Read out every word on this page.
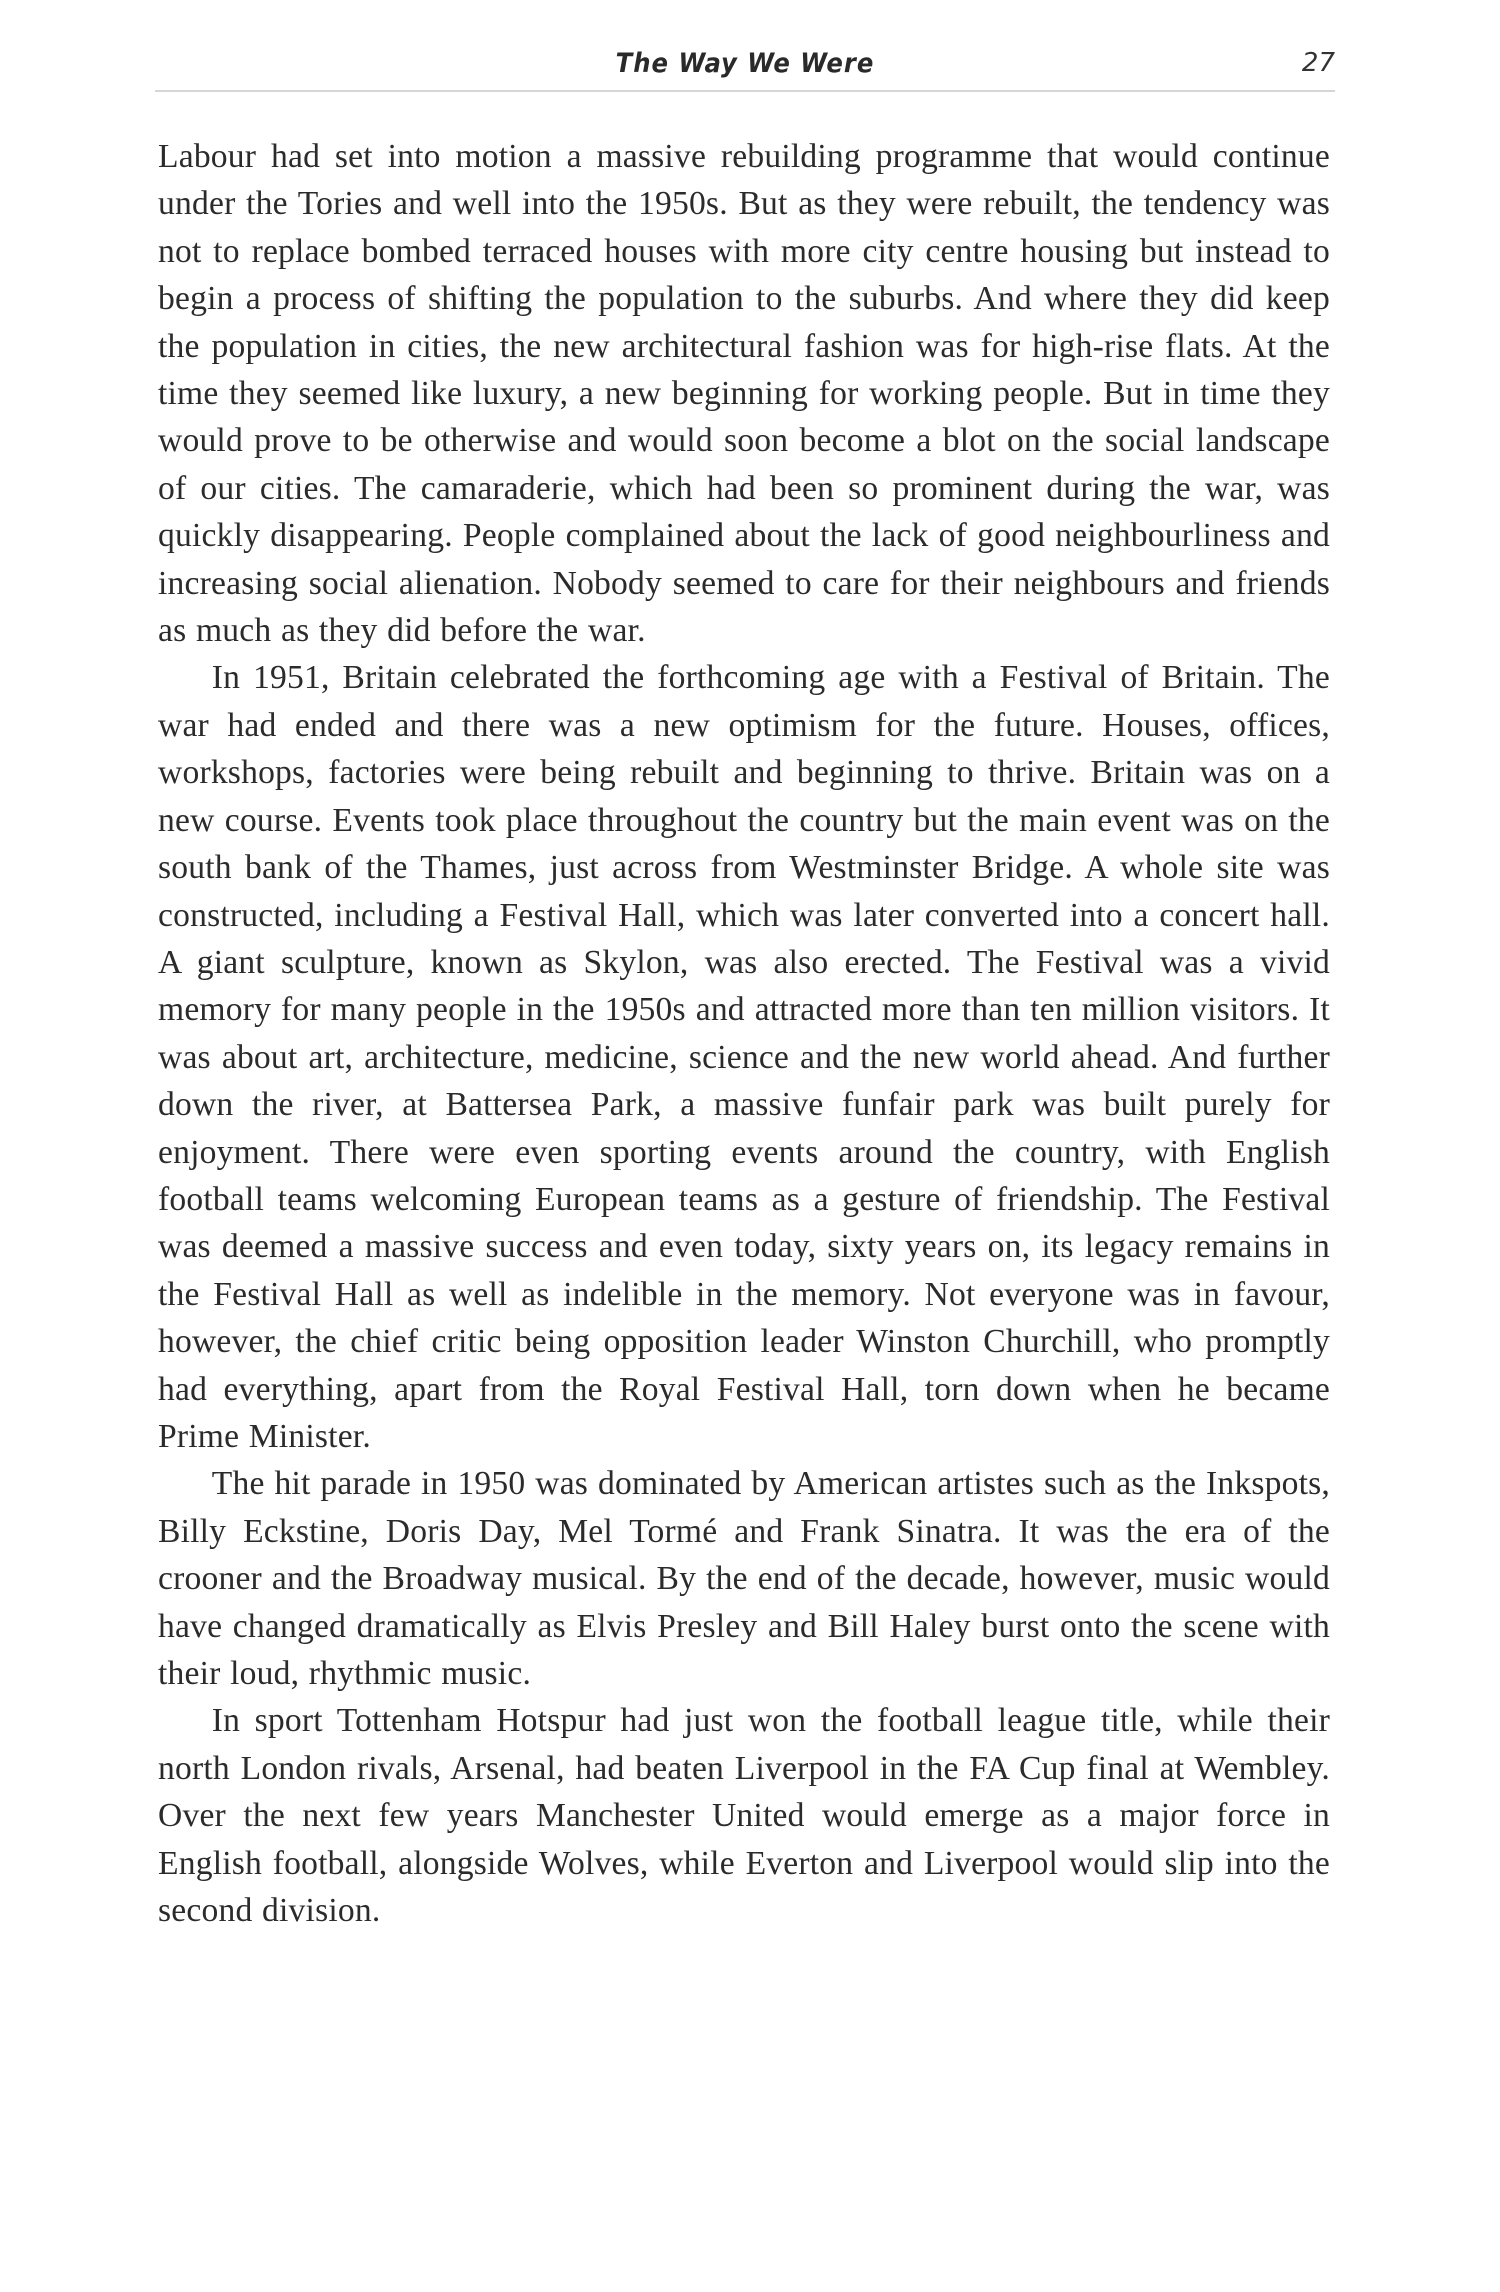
The Way We Were	27

Labour had set into motion a massive rebuilding programme that would continue under the Tories and well into the 1950s. But as they were rebuilt, the tendency was not to replace bombed terraced houses with more city centre housing but instead to begin a process of shifting the population to the suburbs. And where they did keep the population in cities, the new architectural fashion was for high-rise flats. At the time they seemed like luxury, a new beginning for working people. But in time they would prove to be otherwise and would soon become a blot on the social landscape of our cities. The camaraderie, which had been so prominent during the war, was quickly disappearing. People complained about the lack of good neighbourliness and increasing social alienation. Nobody seemed to care for their neighbours and friends as much as they did before the war.

In 1951, Britain celebrated the forthcoming age with a Festival of Britain. The war had ended and there was a new optimism for the future. Houses, offices, workshops, factories were being rebuilt and beginning to thrive. Britain was on a new course. Events took place throughout the country but the main event was on the south bank of the Thames, just across from Westminster Bridge. A whole site was constructed, including a Festival Hall, which was later converted into a concert hall. A giant sculpture, known as Skylon, was also erected. The Festival was a vivid memory for many people in the 1950s and attracted more than ten million visitors. It was about art, architecture, medicine, science and the new world ahead. And further down the river, at Battersea Park, a massive funfair park was built purely for enjoyment. There were even sporting events around the country, with English football teams welcoming European teams as a gesture of friendship. The Festival was deemed a massive success and even today, sixty years on, its legacy remains in the Festival Hall as well as indelible in the memory. Not everyone was in favour, however, the chief critic being opposition leader Winston Churchill, who promptly had everything, apart from the Royal Festival Hall, torn down when he became Prime Minister.

The hit parade in 1950 was dominated by American artistes such as the Inkspots, Billy Eckstine, Doris Day, Mel Tormé and Frank Sinatra. It was the era of the crooner and the Broadway musical. By the end of the decade, however, music would have changed dramatically as Elvis Presley and Bill Haley burst onto the scene with their loud, rhythmic music.

In sport Tottenham Hotspur had just won the football league title, while their north London rivals, Arsenal, had beaten Liverpool in the FA Cup final at Wembley. Over the next few years Manchester United would emerge as a major force in English football, alongside Wolves, while Everton and Liverpool would slip into the second division.
